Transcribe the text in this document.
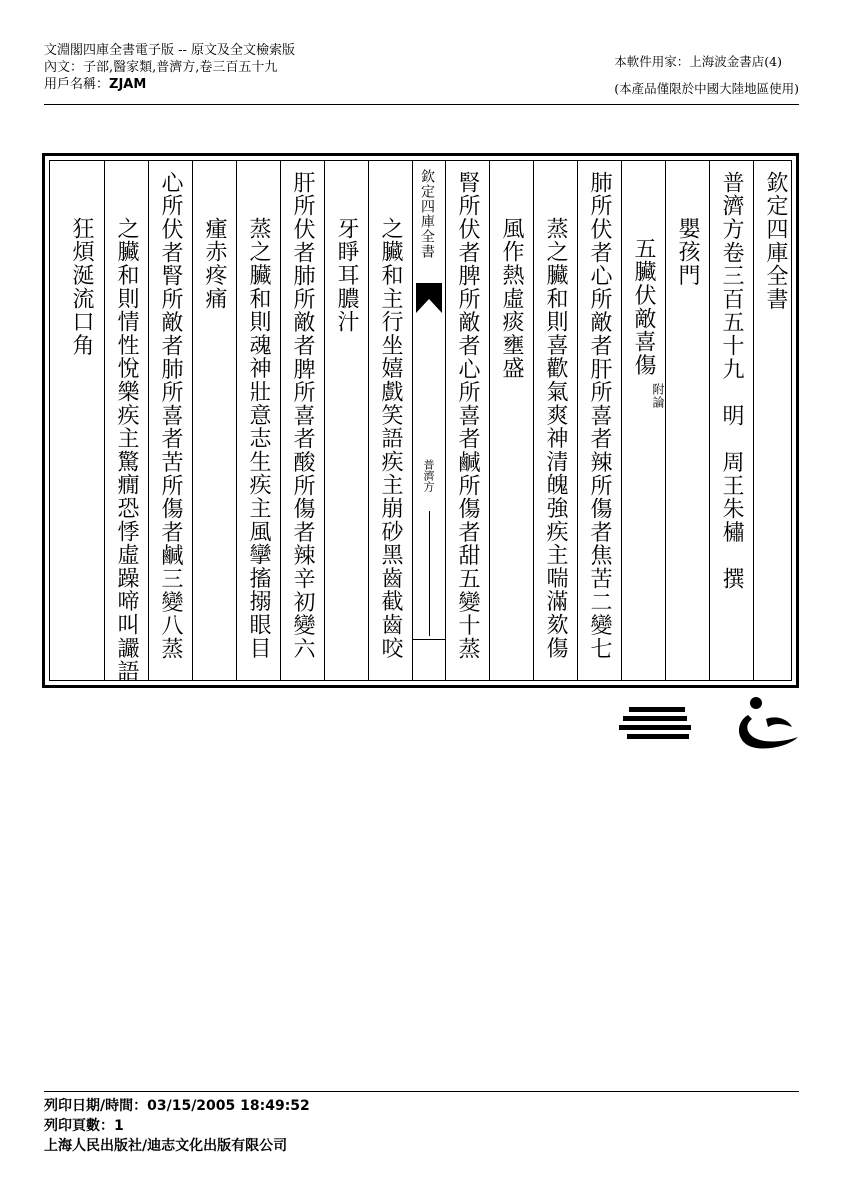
文淵閣四庫全書電子版 -- 原文及全文檢索版
內文：子部,醫家類,普濟方,卷三百五十九
用戶名稱：ZJAM
本軟件用家：上海波金書店(4)
(本產品僅限於中國大陸地區使用)
欽定四庫全書
普濟方卷三百五十九　明　周王朱橚　撰
嬰孩門
五臟伏敵喜傷
附論
肺所伏者心所敵者肝所喜者辣所傷者焦苦二變七
蒸之臟和則喜歡氣爽神清魄強疾主喘滿欬傷
風作熱虛痰壅盛
腎所伏者脾所敵者心所喜者鹹所傷者甜五變十蒸
欽定四庫全書
普濟方
之臟和主行坐嬉戲笑語疾主崩砂黑齒截齒咬
牙睜耳膿汁
肝所伏者肺所敵者脾所喜者酸所傷者辣辛初變六
蒸之臟和則魂神壯意志生疾主風攣搐搦眼目
瘇赤疼痛
心所伏者腎所敵者肺所喜者苦所傷者鹹三變八蒸
之臟和則情性悅樂疾主驚癇恐悸虛躁啼叫讝語
狂煩涎流口角
列印日期/時間：03/15/2005 18:49:52
列印頁數：1
上海人民出版社/迪志文化出版有限公司
